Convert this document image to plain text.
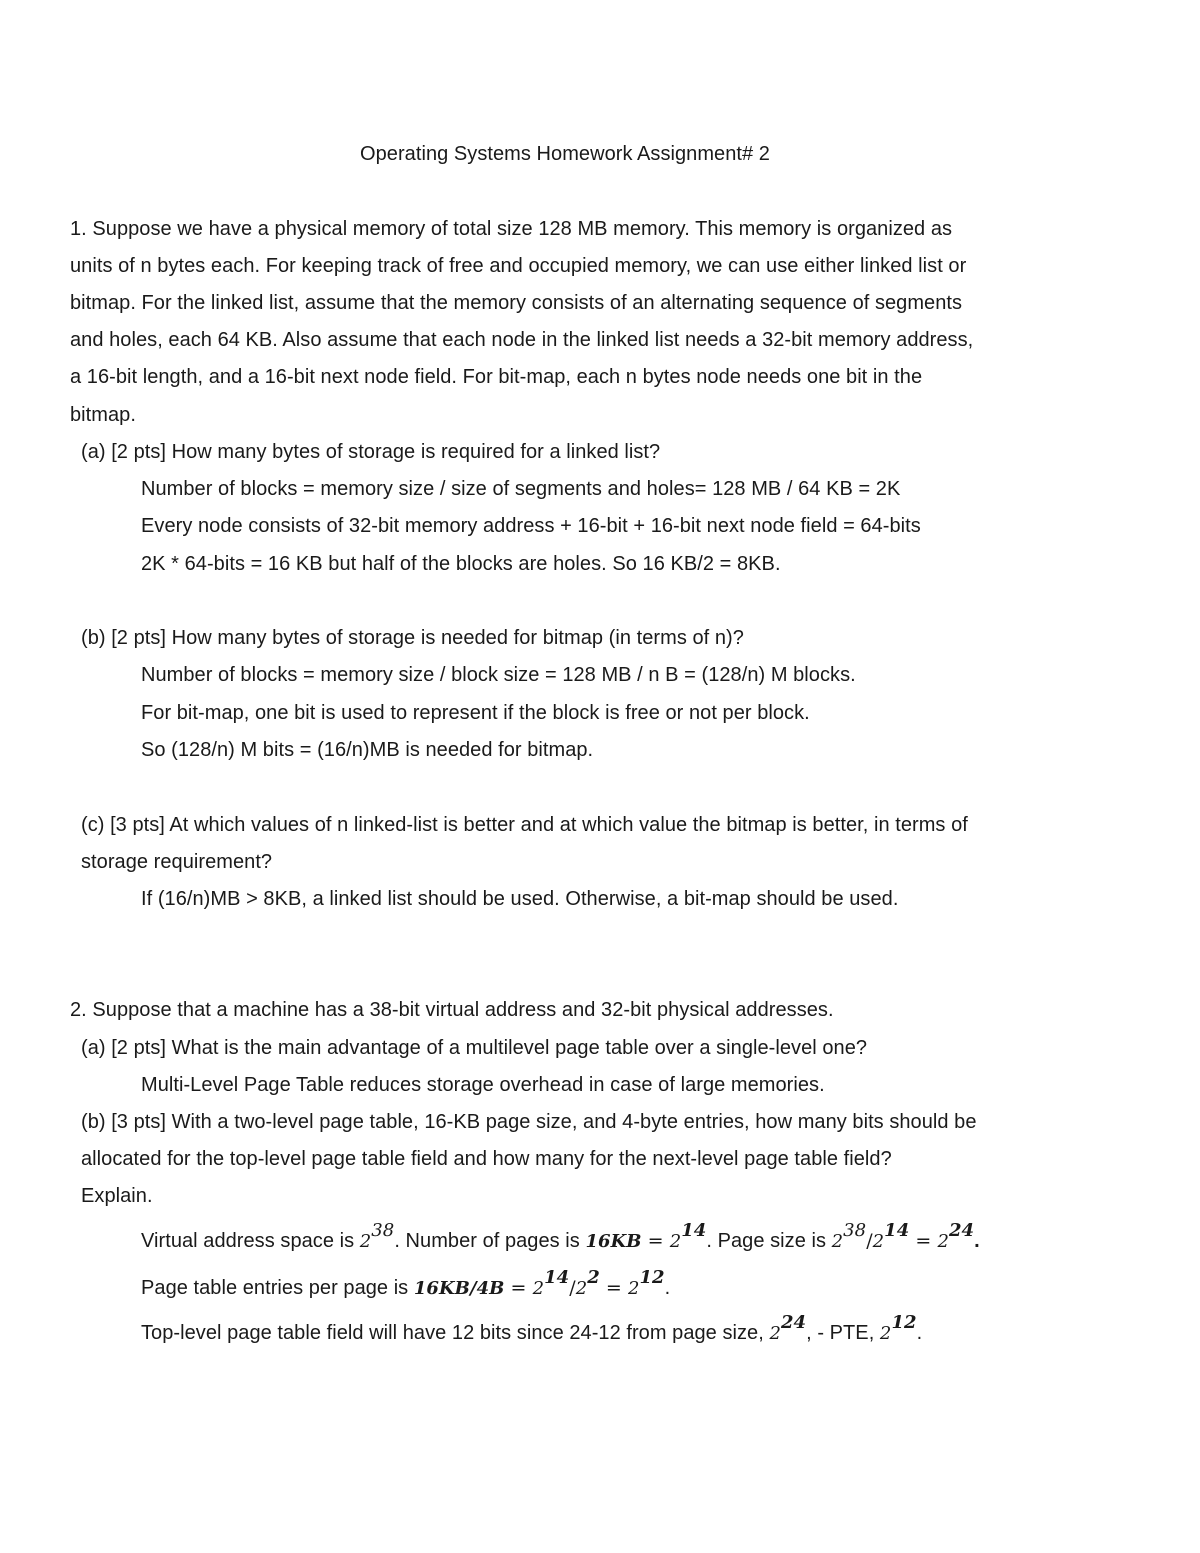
Operating Systems Homework Assignment# 2
1. Suppose we have a physical memory of total size 128 MB memory. This memory is organized as
units of n bytes each. For keeping track of free and occupied memory, we can use either linked list or
bitmap. For the linked list, assume that the memory consists of an alternating sequence of segments
and holes, each 64 KB. Also assume that each node in the linked list needs a 32-bit memory address,
a 16-bit length, and a 16-bit next node field. For bit-map, each n bytes node needs one bit in the
bitmap.
(a) [2 pts] How many bytes of storage is required for a linked list?
Number of blocks = memory size / size of segments and holes= 128 MB / 64 KB = 2K
Every node consists of 32-bit memory address + 16-bit + 16-bit next node field = 64-bits
2K * 64-bits = 16 KB but half of the blocks are holes. So 16 KB/2 = 8KB.
(b) [2 pts] How many bytes of storage is needed for bitmap (in terms of n)?
Number of blocks = memory size / block size = 128 MB / n B = (128/n) M blocks.
For bit-map, one bit is used to represent if the block is free or not per block.
So (128/n) M bits = (16/n)MB is needed for bitmap.
(c) [3 pts] At which values of n linked-list is better and at which value the bitmap is better, in terms of
storage requirement?
If (16/n)MB > 8KB, a linked list should be used. Otherwise, a bit-map should be used.
2. Suppose that a machine has a 38-bit virtual address and 32-bit physical addresses.
(a) [2 pts] What is the main advantage of a multilevel page table over a single-level one?
Multi-Level Page Table reduces storage overhead in case of large memories.
(b) [3 pts] With a two-level page table, 16-KB page size, and 4-byte entries, how many bits should be
allocated for the top-level page table field and how many for the next-level page table field?
Explain.
Virtual address space is $2^{38}$. Number of pages is $16KB = 2^{14}$. Page size is $2^{38}/2^{14} = 2^{24}$.
Page table entries per page is $16KB/4B = 2^{14}/2^2 = 2^{12}$.
Top-level page table field will have 12 bits since 24-12 from page size, $2^{24}$, - PTE, $2^{12}$.
